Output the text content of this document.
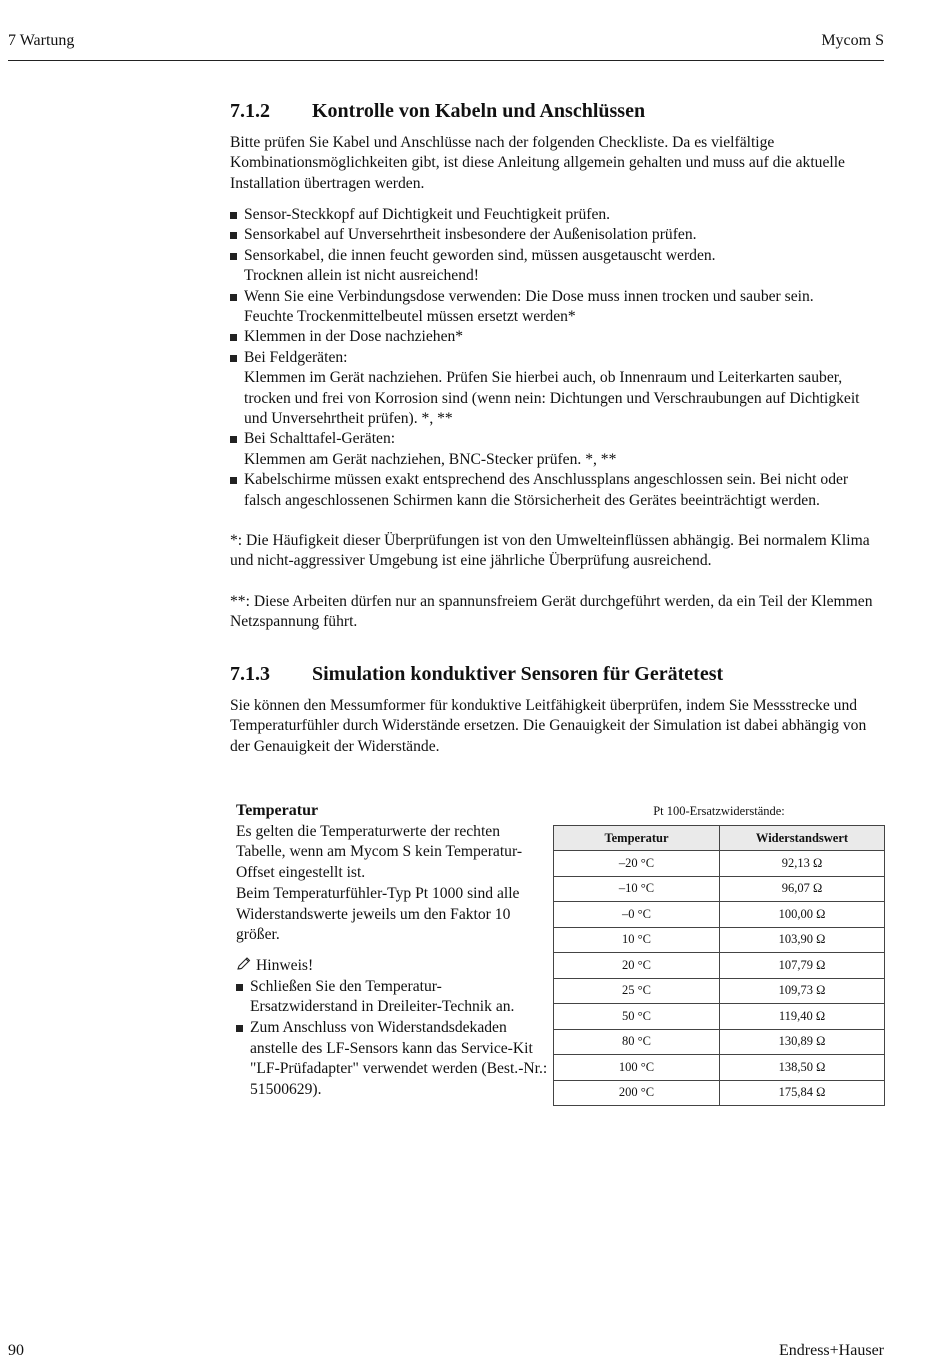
7 Wartung	Mycom S
7.1.2 Kontrolle von Kabeln und Anschlüssen

Bitte prüfen Sie Kabel und Anschlüsse nach der folgenden Checkliste. Da es vielfältige Kombinationsmöglichkeiten gibt, ist diese Anleitung allgemein gehalten und muss auf die aktuelle Installation übertragen werden.

Sensor-Steckkopf auf Dichtigkeit und Feuchtigkeit prüfen.
Sensorkabel auf Unversehrtheit insbesondere der Außenisolation prüfen.
Sensorkabel, die innen feucht geworden sind, müssen ausgetauscht werden.
Trocknen allein ist nicht ausreichend!
Wenn Sie eine Verbindungsdose verwenden: Die Dose muss innen trocken und sauber sein.
Feuchte Trockenmittelbeutel müssen ersetzt werden*
Klemmen in der Dose nachziehen*
Bei Feldgeräten:
Klemmen im Gerät nachziehen. Prüfen Sie hierbei auch, ob Innenraum und Leiterkarten sauber, trocken und frei von Korrosion sind (wenn nein: Dichtungen und Verschraubungen auf Dichtigkeit und Unversehrtheit prüfen). *, **
Bei Schalttafel-Geräten:
Klemmen am Gerät nachziehen, BNC-Stecker prüfen. *, **
Kabelschirme müssen exakt entsprechend des Anschlussplans angeschlossen sein. Bei nicht oder falsch angeschlossenen Schirmen kann die Störsicherheit des Gerätes beeinträchtigt werden.

*: Die Häufigkeit dieser Überprüfungen ist von den Umwelteinflüssen abhängig. Bei normalem Klima und nicht-aggressiver Umgebung ist eine jährliche Überprüfung ausreichend.

**: Diese Arbeiten dürfen nur an spannunsfreiem Gerät durchgeführt werden, da ein Teil der Klemmen Netzspannung führt.

7.1.3 Simulation konduktiver Sensoren für Gerätetest

Sie können den Messumformer für konduktive Leitfähigkeit überprüfen, indem Sie Messstrecke und Temperaturfühler durch Widerstände ersetzen. Die Genauigkeit der Simulation ist dabei abhängig von der Genauigkeit der Widerstände.

Temperatur

Es gelten die Temperaturwerte der rechten Tabelle, wenn am Mycom S kein Temperatur-Offset eingestellt ist.

Beim Temperaturfühler-Typ Pt 1000 sind alle Widerstandswerte jeweils um den Faktor 10 größer.

Hinweis!
Schließen Sie den Temperatur-Ersatzwiderstand in Dreileiter-Technik an.
Zum Anschluss von Widerstandsdekaden anstelle des LF-Sensors kann das Service-Kit "LF-Prüfadapter" verwendet werden (Best.-Nr.: 51500629).
Pt 100-Ersatzwiderstände:
Temperatur	Widerstandswert
–20 °C	92,13 Ω
–10 °C	96,07 Ω
–0 °C	100,00 Ω
10 °C	103,90 Ω
20 °C	107,79 Ω
25 °C	109,73 Ω
50 °C	119,40 Ω
80 °C	130,89 Ω
100 °C	138,50 Ω
200 °C	175,84 Ω
90	Endress+Hauser
